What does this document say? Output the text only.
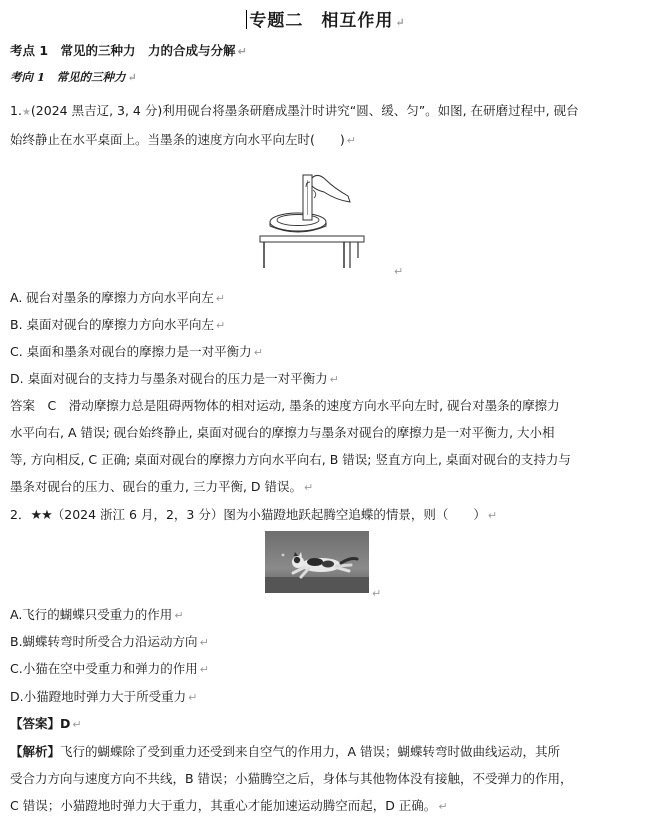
专题二　相互作用 ↵
考点 1　常见的三种力　力的合成与分解 ↵
考向 1　常见的三种力 ↵
1.★(2024 黑吉辽, 3, 4 分)利用砚台将墨条研磨成墨汁时讲究“圆、缓、匀”。如图, 在研磨过程中, 砚台
始终静止在水平桌面上。当墨条的速度方向水平向左时(　　) ↵
↵
A. 砚台对墨条的摩擦力方向水平向左 ↵
B. 桌面对砚台的摩擦力方向水平向左 ↵
C. 桌面和墨条对砚台的摩擦力是一对平衡力 ↵
D. 桌面对砚台的支持力与墨条对砚台的压力是一对平衡力 ↵
答案　C　滑动摩擦力总是阻碍两物体的相对运动, 墨条的速度方向水平向左时, 砚台对墨条的摩擦力
水平向右, A 错误; 砚台始终静止, 桌面对砚台的摩擦力与墨条对砚台的摩擦力是一对平衡力, 大小相
等, 方向相反, C 正确; 桌面对砚台的摩擦力方向水平向右, B 错误; 竖直方向上, 桌面对砚台的支持力与
墨条对砚台的压力、砚台的重力, 三力平衡, D 错误。 ↵
2．★★（2024 浙江 6 月，2，3 分）图为小猫蹬地跃起腾空追蝶的情景，则（　　） ↵
↵
A.飞行的蝴蝶只受重力的作用 ↵
B.蝴蝶转弯时所受合力沿运动方向 ↵
C.小猫在空中受重力和弹力的作用 ↵
D.小猫蹬地时弹力大于所受重力 ↵
【答案】D ↵
【解析】飞行的蝴蝶除了受到重力还受到来自空气的作用力，A 错误；蝴蝶转弯时做曲线运动，其所
受合力方向与速度方向不共线，B 错误；小猫腾空之后，身体与其他物体没有接触，不受弹力的作用，
C 错误；小猫蹬地时弹力大于重力，其重心才能加速运动腾空而起，D 正确。 ↵
